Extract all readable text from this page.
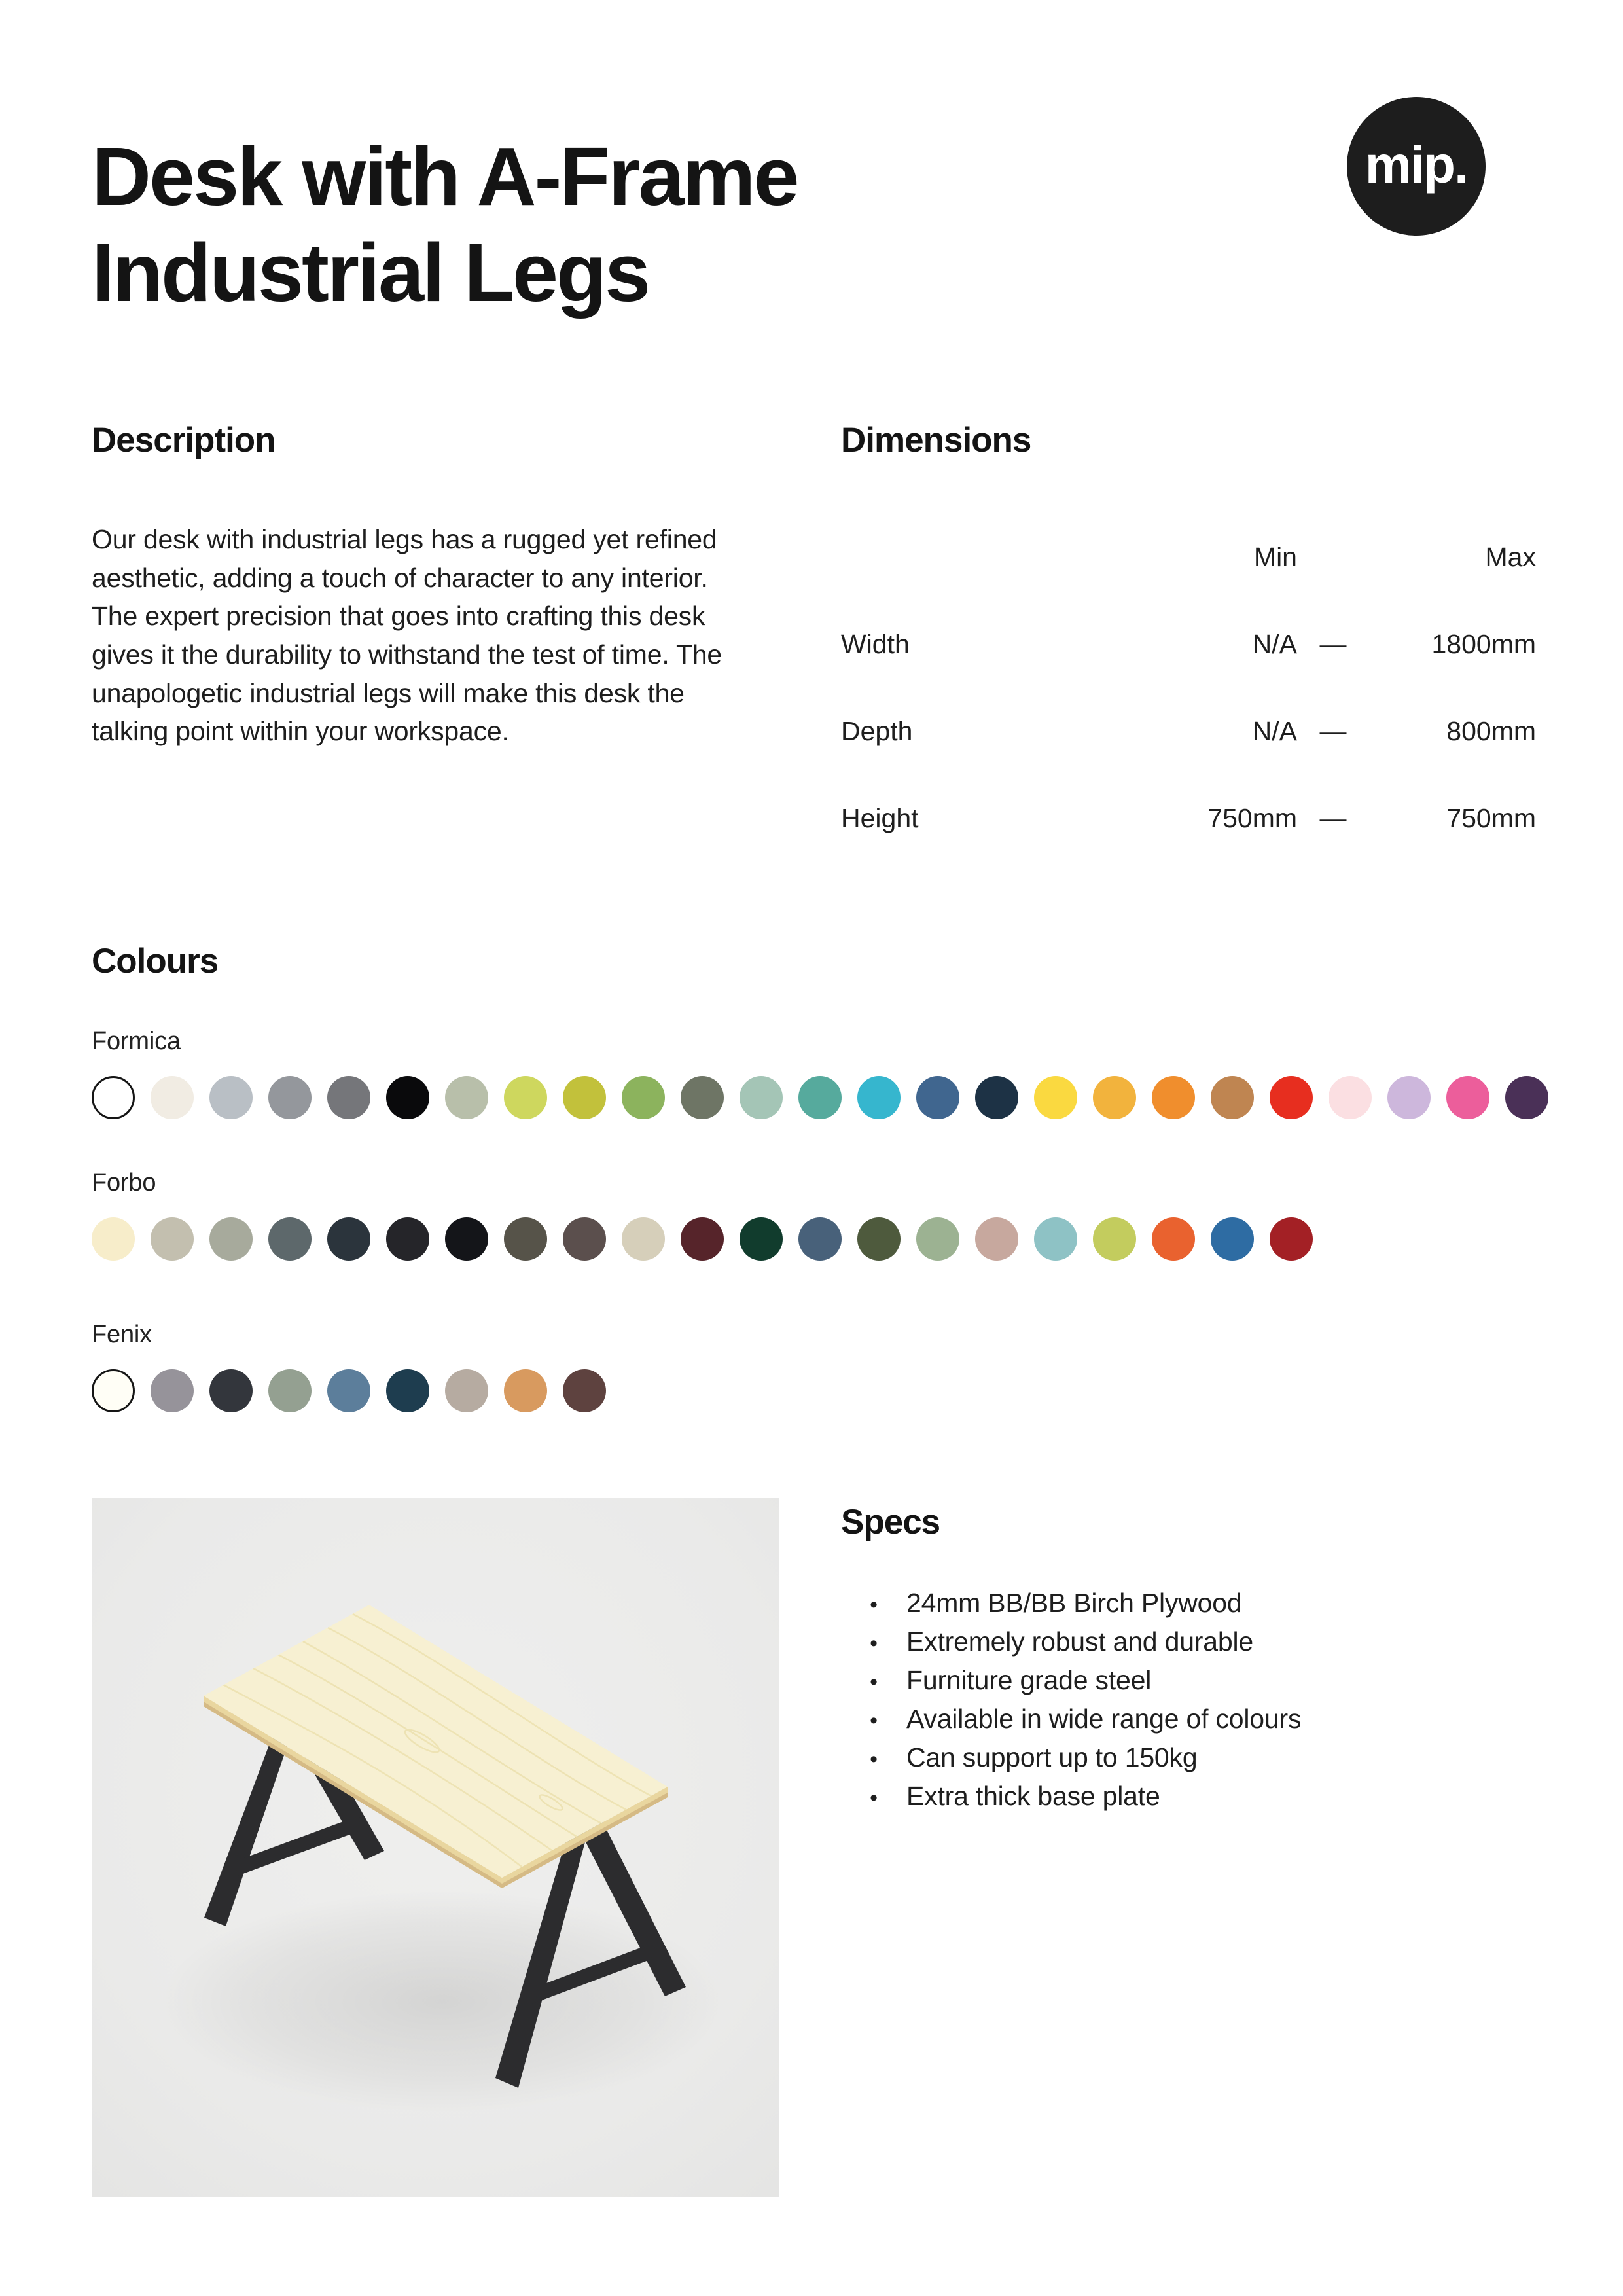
Desk with A-Frame
Industrial Legs
mip.
Description

Our desk with industrial legs has a rugged yet refined aesthetic, adding a touch of character to any interior. The expert precision that goes into crafting this desk gives it the durability to withstand the test of time. The unapologetic industrial legs will make this desk the talking point within your workspace.

Dimensions
Min	Max
Width	N/A —	1800mm
Depth	N/A —	800mm
Height	750mm —	750mm
Colours
Formica
Forbo
Fenix
Specs
•	24mm BB/BB Birch Plywood
•	Extremely robust and durable
•	Furniture grade steel
•	Available in wide range of colours
•	Can support up to 150kg
•	Extra thick base plate
